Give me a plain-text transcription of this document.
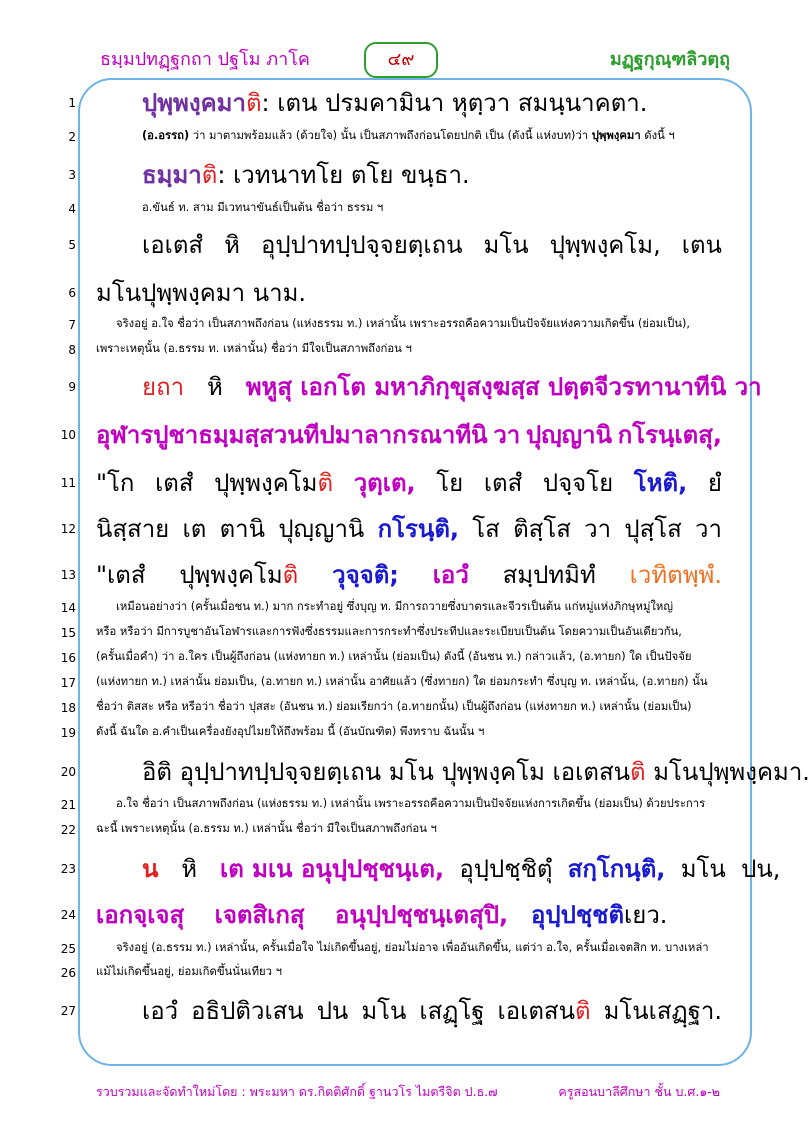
ธมฺมปทฏฺฐกถา ปฐโม ภาโค	๔๙	มฏฺฐกุณฺฑลิวตฺถุ
1
2
3
4
5
6
7
8
9
10
11
12
13
14
15
16
17
18
19
20
21
22
23
24
25
26
27
ปุพฺพงฺคมาติ: เตน ปรมคามินา หุตฺวา สมนฺนาคตา.
(อ.อรรถ) ว่า มาตามพร้อมแล้ว (ด้วยใจ) นั้น เป็นสภาพถึงก่อนโดยปกติ เป็น (ดังนี้ แห่งบท)ว่า ปุพฺพงฺคมา ดังนี้ ฯ
ธมฺมาติ: เวทนาทโย ตโย ขนฺธา.
อ.ขันธ์ ท. สาม มีเวทนาขันธ์เป็นต้น ชื่อว่า ธรรม ฯ
เอเตสํ หิ อุปฺปาทปฺปจฺจยตฺเถน มโน ปุพฺพงฺคโม, เตน
มโนปุพฺพงฺคมา นาม.
จริงอยู่ อ.ใจ ชื่อว่า เป็นสภาพถึงก่อน (แห่งธรรม ท.) เหล่านั้น เพราะอรรถคือความเป็นปัจจัยแห่งความเกิดขึ้น (ย่อมเป็น),
เพราะเหตุนั้น (อ.ธรรม ท. เหล่านั้น) ชื่อว่า มีใจเป็นสภาพถึงก่อน ฯ
ยถา หิ พหูสุ เอกโต มหาภิกฺขุสงฺฆสฺส ปตฺตจีวรทานาทีนิ วา
อุฬารปูชาธมฺมสฺสวนทีปมาลากรณาทีนิ วา ปุญฺญานิ กโรนฺเตสุ,
"โก เตสํ ปุพฺพงฺคโมติ วุตฺเต, โย เตสํ ปจฺจโย โหติ, ยํ
นิสฺสาย เต ตานิ ปุญฺญานิ กโรนฺติ, โส ติสฺโส วา ปุสฺโส วา
"เตสํ ปุพฺพงฺคโมติ วุจฺจติ; เอวํ สมฺปทมิทํ เวทิตพฺพํ.
เหมือนอย่างว่า (ครั้นเมื่อชน ท.) มาก กระทำอยู่ ซึ่งบุญ ท. มีการถวายซึ่งบาตรและจีวรเป็นต้น แก่หมู่แห่งภิกษุหมู่ใหญ่
หรือ หรือว่า มีการบูชาอันโอฬารและการฟังซึ่งธรรมและการกระทำซึ่งประทีปและระเบียบเป็นต้น โดยความเป็นอันเดียวกัน,
(ครั้นเมื่อคำ) ว่า อ.ใคร เป็นผู้ถึงก่อน (แห่งทายก ท.) เหล่านั้น (ย่อมเป็น) ดังนี้ (อันชน ท.) กล่าวแล้ว, (อ.ทายก) ใด เป็นปัจจัย
(แห่งทายก ท.) เหล่านั้น ย่อมเป็น, (อ.ทายก ท.) เหล่านั้น อาศัยแล้ว (ซึ่งทายก) ใด ย่อมกระทำ ซึ่งบุญ ท. เหล่านั้น, (อ.ทายก) นั้น
ชื่อว่า ติสสะ หรือ หรือว่า ชื่อว่า ปุสสะ (อันชน ท.) ย่อมเรียกว่า (อ.ทายกนั้น) เป็นผู้ถึงก่อน (แห่งทายก ท.) เหล่านั้น (ย่อมเป็น)
ดังนี้ ฉันใด อ.คำเป็นเครื่องยังอุปไมยให้ถึงพร้อม นี้ (อันบัณฑิต) พึงทราบ ฉันนั้น ฯ
อิติ อุปฺปาทปฺปจฺจยตฺเถน มโน ปุพฺพงฺคโม เอเตสนติ มโนปุพฺพงฺคมา.
อ.ใจ ชื่อว่า เป็นสภาพถึงก่อน (แห่งธรรม ท.) เหล่านั้น เพราะอรรถคือความเป็นปัจจัยแห่งการเกิดขึ้น (ย่อมเป็น) ด้วยประการ
ฉะนี้ เพราะเหตุนั้น (อ.ธรรม ท.) เหล่านั้น ชื่อว่า มีใจเป็นสภาพถึงก่อน ฯ
น หิ เต มเน อนุปฺปชฺชนฺเต, อุปฺปชฺชิตุํ สกฺโกนฺติ, มโน ปน,
เอกจฺเจสุ เจตสิเกสุ อนุปฺปชฺชนฺเตสุปิ, อุปฺปชฺชติเยว.
จริงอยู่ (อ.ธรรม ท.) เหล่านั้น, ครั้นเมื่อใจ ไม่เกิดขึ้นอยู่, ย่อมไม่อาจ เพื่ออันเกิดขึ้น, แต่ว่า อ.ใจ, ครั้นเมื่อเจตสิก ท. บางเหล่า
แม้ไม่เกิดขึ้นอยู่, ย่อมเกิดขึ้นนั่นเทียว ฯ
เอวํ อธิปติวเสน ปน มโน เสฏฺโฐ เอเตสนติ มโนเสฏฺฐา.
รวบรวมและจัดทำใหม่โดย : พระมหา ดร.กิตติศักดิ์ ฐานวโร ไมตรีจิต ป.ธ.๗	ครูสอนบาลีศึกษา ชั้น บ.ศ.๑-๒
